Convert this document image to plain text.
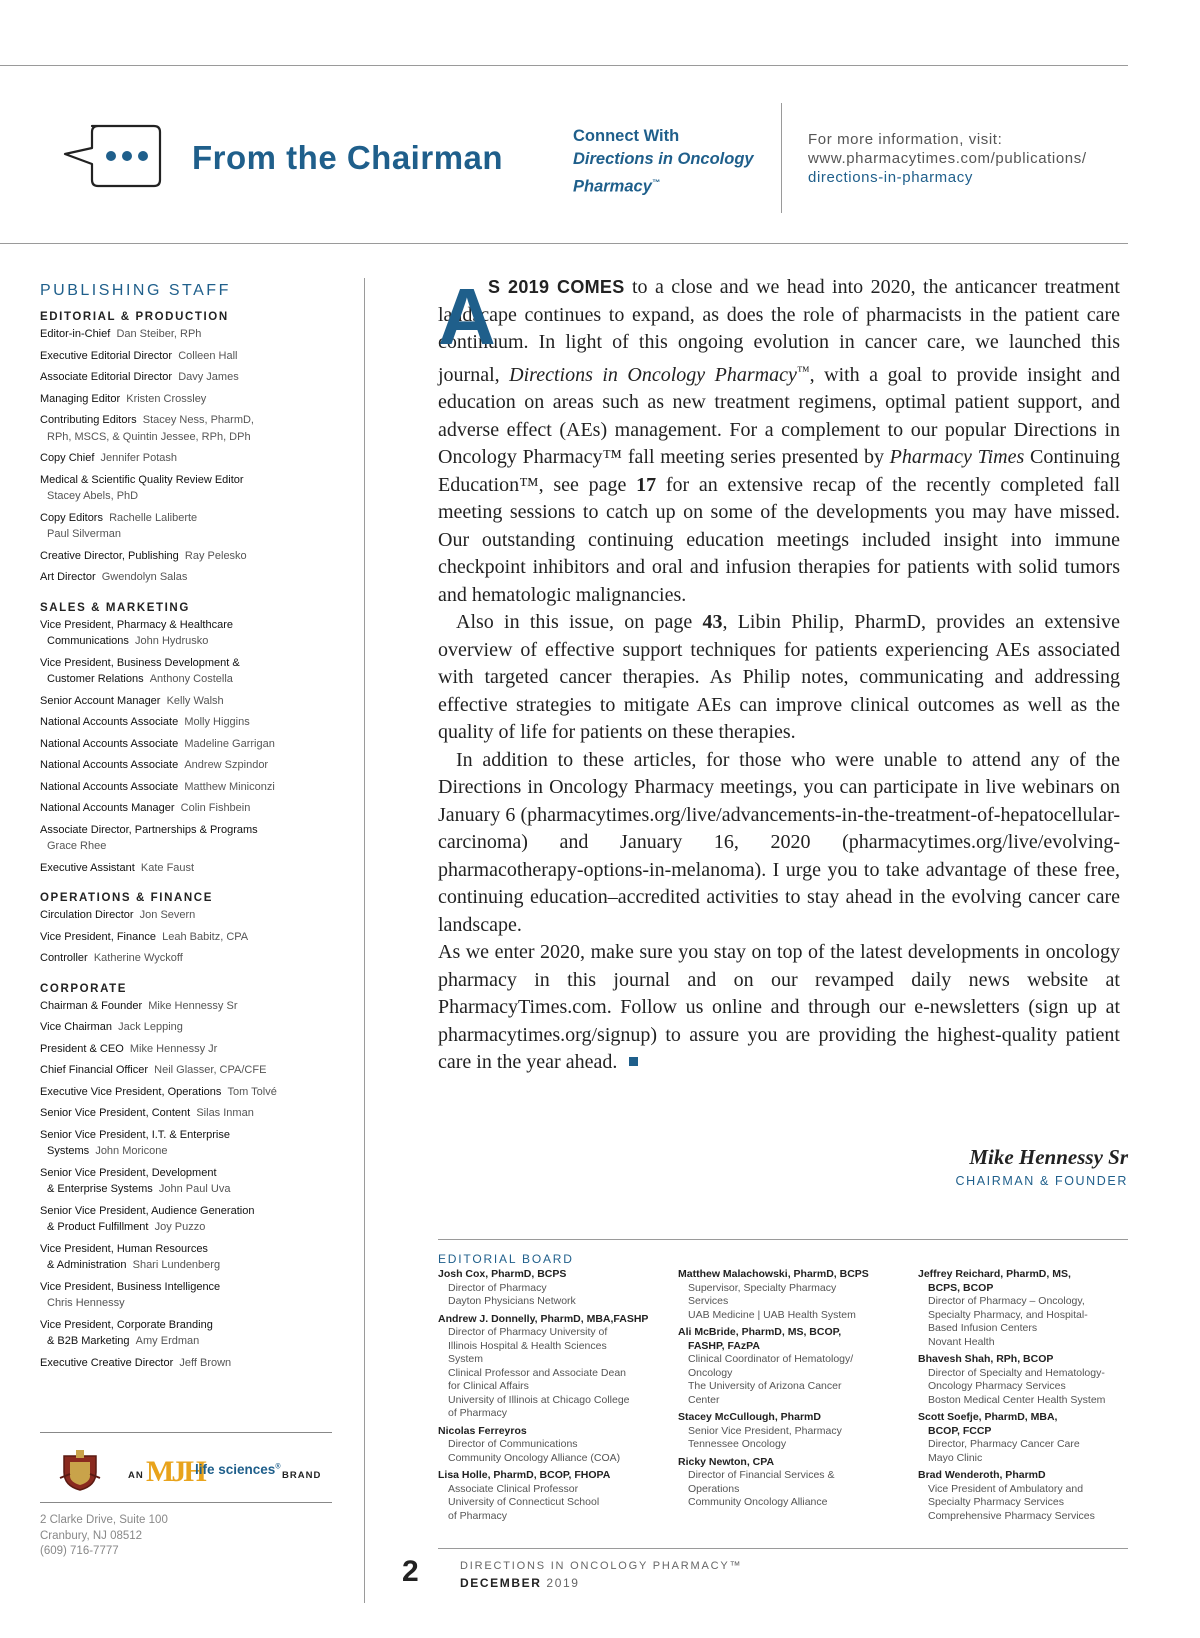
From the Chairman
Connect With
Directions in Oncology
Pharmacy™
For more information, visit:
www.pharmacytimes.com/publications/
directions-in-pharmacy
PUBLISHING STAFF
EDITORIAL & PRODUCTION
Editor-in-Chief Dan Steiber, RPh
Executive Editorial Director Colleen Hall
Associate Editorial Director Davy James
Managing Editor Kristen Crossley
Contributing Editors Stacey Ness, PharmD,
RPh, MSCS, & Quintin Jessee, RPh, DPh
Copy Chief Jennifer Potash
Medical & Scientific Quality Review Editor
Stacey Abels, PhD
Copy Editors Rachelle Laliberte
Paul Silverman
Creative Director, Publishing Ray Pelesko
Art Director Gwendolyn Salas
SALES & MARKETING
Vice President, Pharmacy & Healthcare
Communications John Hydrusko
Vice President, Business Development &
Customer Relations Anthony Costella
Senior Account Manager Kelly Walsh
National Accounts Associate Molly Higgins
National Accounts Associate Madeline Garrigan
National Accounts Associate Andrew Szpindor
National Accounts Associate Matthew Miniconzi
National Accounts Manager Colin Fishbein
Associate Director, Partnerships & Programs
Grace Rhee
Executive Assistant Kate Faust
OPERATIONS & FINANCE
Circulation Director Jon Severn
Vice President, Finance Leah Babitz, CPA
Controller Katherine Wyckoff
CORPORATE
Chairman & Founder Mike Hennessy Sr
Vice Chairman Jack Lepping
President & CEO Mike Hennessy Jr
Chief Financial Officer Neil Glasser, CPA/CFE
Executive Vice President, Operations Tom Tolvé
Senior Vice President, Content Silas Inman
Senior Vice President, I.T. & Enterprise
Systems John Moricone
Senior Vice President, Development
& Enterprise Systems John Paul Uva
Senior Vice President, Audience Generation
& Product Fulfillment Joy Puzzo
Vice President, Human Resources
& Administration Shari Lundenberg
Vice President, Business Intelligence
Chris Hennessy
Vice President, Corporate Branding
& B2B Marketing Amy Erdman
Executive Creative Director Jeff Brown
AN MJH
life sciences®
BRAND
2 Clarke Drive, Suite 100
Cranbury, NJ 08512
(609) 716-7777
A

S 2019 COMES to a close and we head into 2020, the anticancer treatment landscape continues to expand, as does the role of pharmacists in the patient care continuum. In light of this ongoing evolution in cancer care, we launched this journal, Directions in Oncology Pharmacy™, with a goal to provide insight and education on areas such as new treatment regimens, optimal patient support, and adverse effect (AEs) management. For a complement to our popular Directions in Oncology Pharmacy™ fall meeting series presented by Pharmacy Times Continuing Education™, see page 17 for an extensive recap of the recently completed fall meeting sessions to catch up on some of the developments you may have missed. Our outstanding continuing education meetings included insight into immune checkpoint inhibitors and oral and infusion therapies for patients with solid tumors and hematologic malignancies.

Also in this issue, on page 43, Libin Philip, PharmD, provides an extensive overview of effective support techniques for patients experiencing AEs associated with targeted cancer therapies. As Philip notes, communicating and addressing effective strategies to mitigate AEs can improve clinical outcomes as well as the quality of life for patients on these therapies.

In addition to these articles, for those who were unable to attend any of the Directions in Oncology Pharmacy meetings, you can participate in live webinars on January 6 (pharmacytimes.org/live/advancements-in-the-treatment-of-hepatocellular-carcinoma) and January 16, 2020 (pharmacytimes.org/live/evolving-pharmacotherapy-options-in-melanoma). I urge you to take advantage of these free, continuing education–accredited activities to stay ahead in the evolving cancer care landscape.

As we enter 2020, make sure you stay on top of the latest developments in oncology pharmacy in this journal and on our revamped daily news website at PharmacyTimes.com. Follow us online and through our e-newsletters (sign up at pharmacytimes.org/signup) to assure you are providing the highest-quality patient care in the year ahead.

Mike Hennessy Sr
CHAIRMAN & FOUNDER
EDITORIAL BOARD
Josh Cox, PharmD, BCPS
Director of Pharmacy
Dayton Physicians Network
Andrew J. Donnelly, PharmD, MBA,FASHP
Director of Pharmacy University of
Illinois Hospital & Health Sciences
System
Clinical Professor and Associate Dean
for Clinical Affairs
University of Illinois at Chicago College
of Pharmacy
Nicolas Ferreyros
Director of Communications
Community Oncology Alliance (COA)
Lisa Holle, PharmD, BCOP, FHOPA
Associate Clinical Professor
University of Connecticut School
of Pharmacy
Matthew Malachowski, PharmD, BCPS
Supervisor, Specialty Pharmacy
Services
UAB Medicine | UAB Health System
Ali McBride, PharmD, MS, BCOP,
FASHP, FAzPA
Clinical Coordinator of Hematology/
Oncology
The University of Arizona Cancer
Center
Stacey McCullough, PharmD
Senior Vice President, Pharmacy
Tennessee Oncology
Ricky Newton, CPA
Director of Financial Services &
Operations
Community Oncology Alliance
Jeffrey Reichard, PharmD, MS,
BCPS, BCOP
Director of Pharmacy – Oncology,
Specialty Pharmacy, and Hospital-
Based Infusion Centers
Novant Health
Bhavesh Shah, RPh, BCOP
Director of Specialty and Hematology-
Oncology Pharmacy Services
Boston Medical Center Health System
Scott Soefje, PharmD, MBA,
BCOP, FCCP
Director, Pharmacy Cancer Care
Mayo Clinic
Brad Wenderoth, PharmD
Vice President of Ambulatory and
Specialty Pharmacy Services
Comprehensive Pharmacy Services
2	DIRECTIONS IN ONCOLOGY PHARMACY™
DECEMBER 2019
